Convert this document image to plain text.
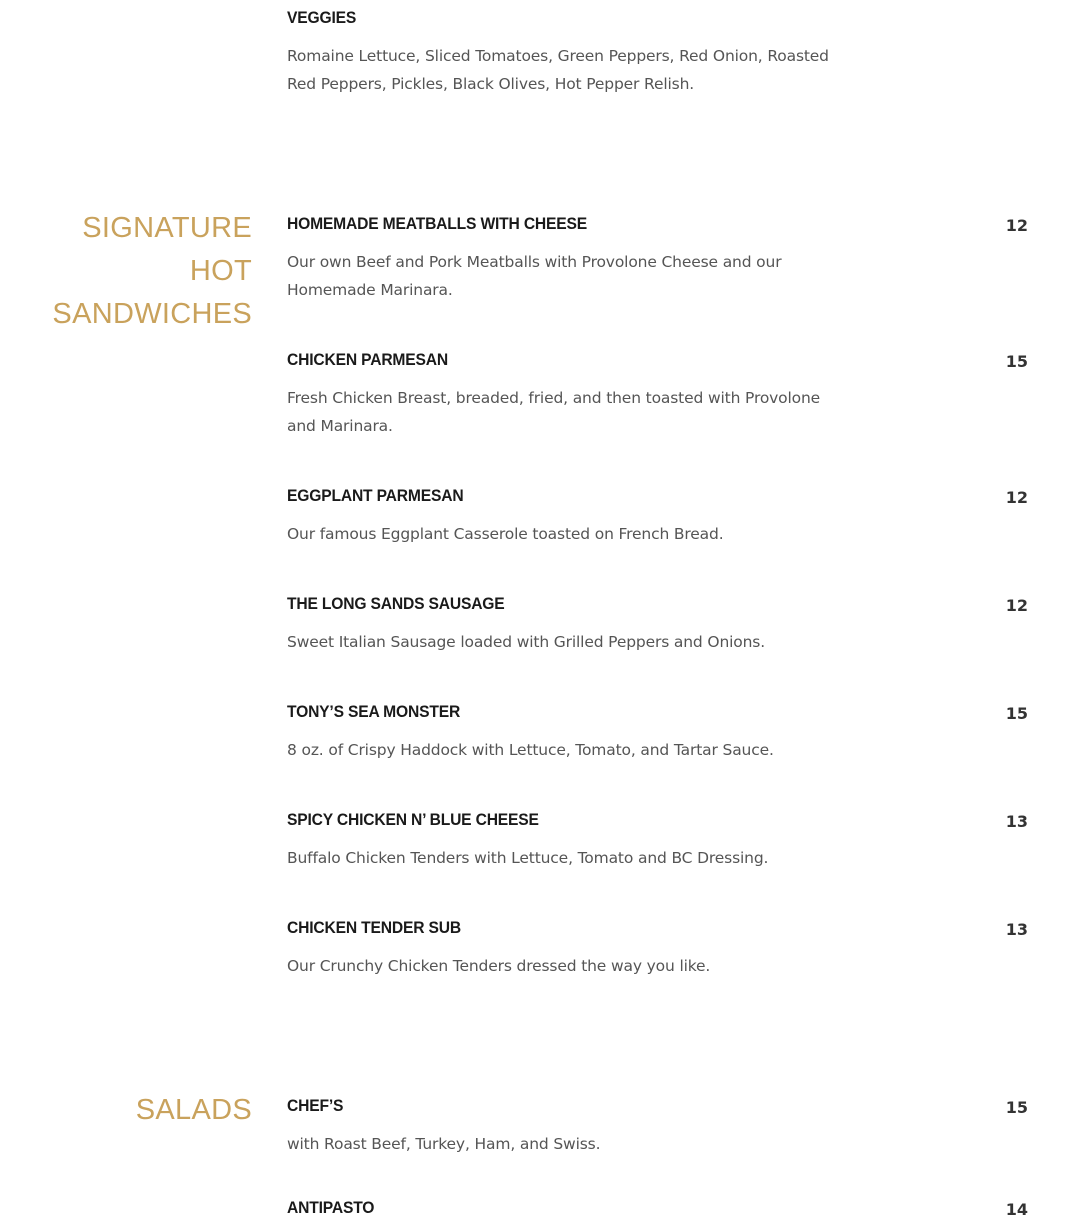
VEGGIES

Romaine Lettuce, Sliced Tomatoes, Green Peppers, Red Onion, Roasted Red Peppers, Pickles, Black Olives, Hot Pepper Relish.

SIGNATURE HOT SANDWICHES
HOMEMADE MEATBALLS WITH CHEESE	12

Our own Beef and Pork Meatballs with Provolone Cheese and our Homemade Marinara.

CHICKEN PARMESAN	15

Fresh Chicken Breast, breaded, fried, and then toasted with Provolone and Marinara.

EGGPLANT PARMESAN	12

Our famous Eggplant Casserole toasted on French Bread.

THE LONG SANDS SAUSAGE	12

Sweet Italian Sausage loaded with Grilled Peppers and Onions.

TONY’S SEA MONSTER	15

8 oz. of Crispy Haddock with Lettuce, Tomato, and Tartar Sauce.

SPICY CHICKEN N’ BLUE CHEESE	13

Buffalo Chicken Tenders with Lettuce, Tomato and BC Dressing.

CHICKEN TENDER SUB	13

Our Crunchy Chicken Tenders dressed the way you like.

SALADS CHEF’S	15

with Roast Beef, Turkey, Ham, and Swiss.

ANTIPASTO	14
